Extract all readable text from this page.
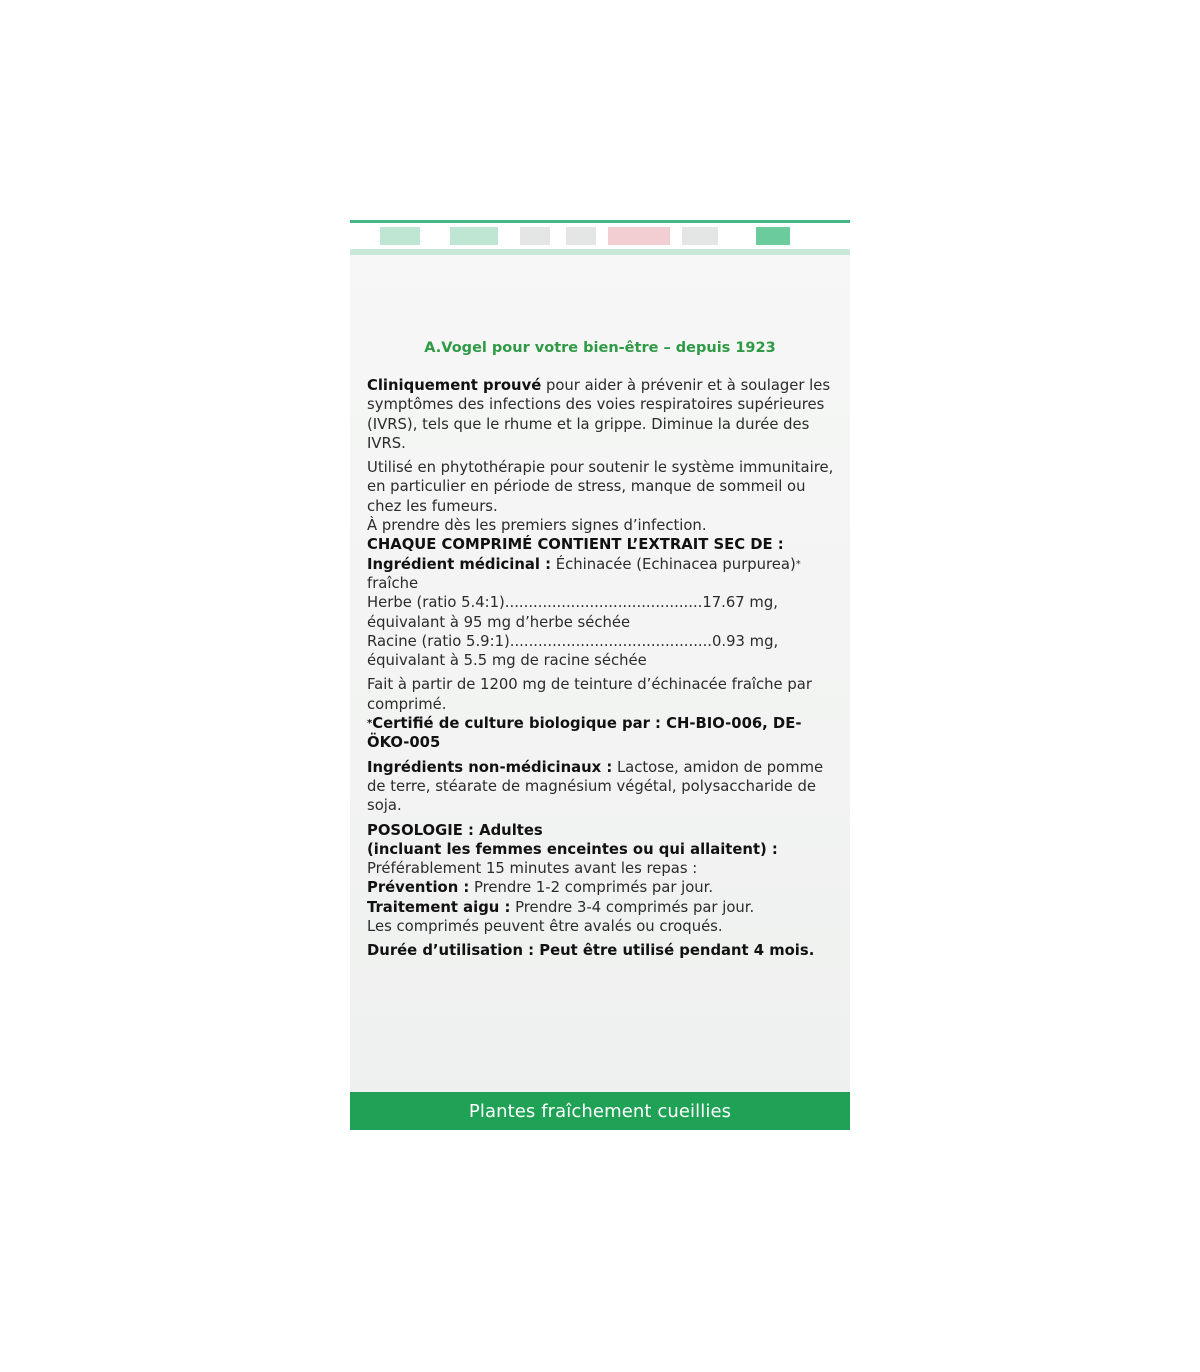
A.Vogel pour votre bien-être – depuis 1923

Cliniquement prouvé pour aider à prévenir et à soulager les symptômes des infections des voies respiratoires supérieures (IVRS), tels que le rhume et la grippe. Diminue la durée des IVRS.

Utilisé en phytothérapie pour soutenir le système immunitaire, en particulier en période de stress, manque de sommeil ou chez les fumeurs.

À prendre dès les premiers signes d’infection.

CHAQUE COMPRIMÉ CONTIENT L’EXTRAIT SEC DE :

Ingrédient médicinal : Échinacée (Echinacea purpurea)*
fraîche

Herbe (ratio 5.4:1)..........................................17.67 mg,

équivalant à 95 mg d’herbe séchée

Racine (ratio 5.9:1)...........................................0.93 mg,

équivalant à 5.5 mg de racine séchée

Fait à partir de 1200 mg de teinture d’échinacée fraîche par comprimé.

*Certifié de culture biologique par : CH-BIO-006, DE-ÖKO-005

Ingrédients non-médicinaux : Lactose, amidon de pomme de terre, stéarate de magnésium végétal, polysaccharide de soja.

POSOLOGIE : Adultes

(incluant les femmes enceintes ou qui allaitent) :

Préférablement 15 minutes avant les repas :

Prévention : Prendre 1-2 comprimés par jour.

Traitement aigu : Prendre 3-4 comprimés par jour.

Les comprimés peuvent être avalés ou croqués.

Durée d’utilisation : Peut être utilisé pendant 4 mois.

Plantes fraîchement cueillies
